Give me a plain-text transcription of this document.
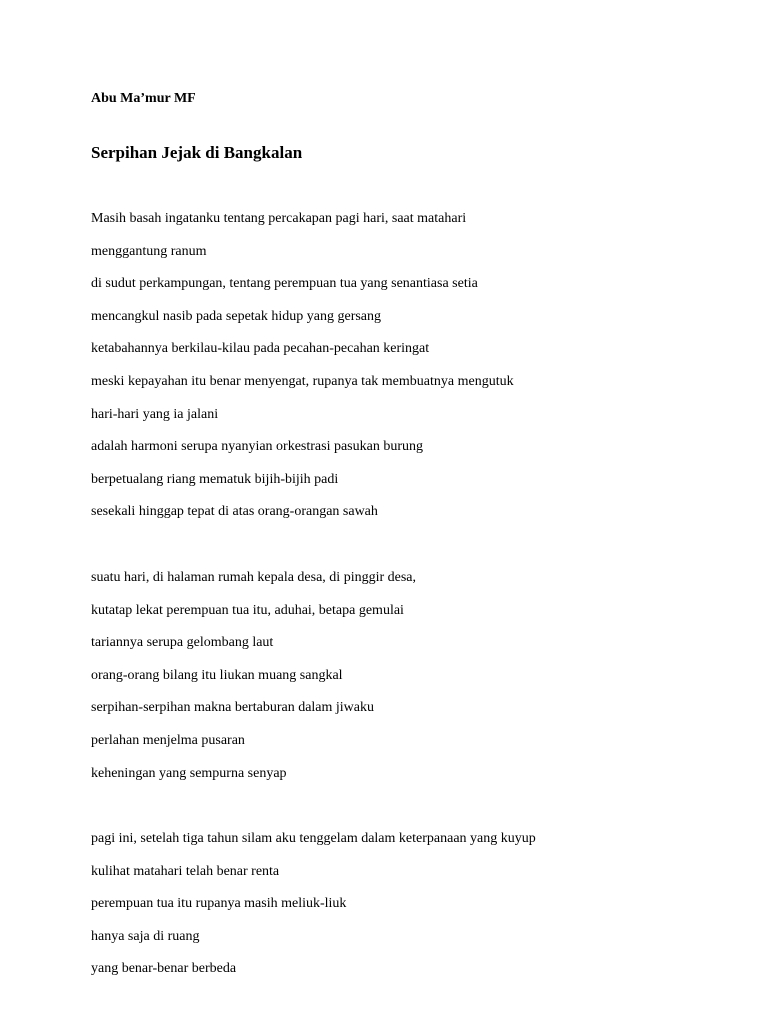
Abu Ma’mur MF
Serpihan Jejak di Bangkalan
Masih basah ingatanku tentang percakapan pagi hari, saat matahari
menggantung ranum
di sudut perkampungan, tentang perempuan tua yang senantiasa setia
mencangkul nasib pada sepetak hidup yang gersang
ketabahannya berkilau-kilau pada pecahan-pecahan keringat
meski kepayahan itu benar menyengat, rupanya tak membuatnya mengutuk
hari-hari yang ia jalani
adalah harmoni serupa nyanyian orkestrasi pasukan burung
berpetualang riang mematuk bijih-bijih padi
sesekali hinggap tepat di atas orang-orangan sawah
suatu hari, di halaman rumah kepala desa, di pinggir desa,
kutatap lekat perempuan tua itu, aduhai, betapa gemulai
tariannya serupa gelombang laut
orang-orang bilang itu liukan muang sangkal
serpihan-serpihan makna bertaburan dalam jiwaku
perlahan menjelma pusaran
keheningan yang sempurna senyap
pagi ini, setelah tiga tahun silam aku tenggelam dalam keterpanaan yang kuyup
kulihat matahari telah benar renta
perempuan tua itu rupanya masih meliuk-liuk
hanya saja di ruang
yang benar-benar berbeda
